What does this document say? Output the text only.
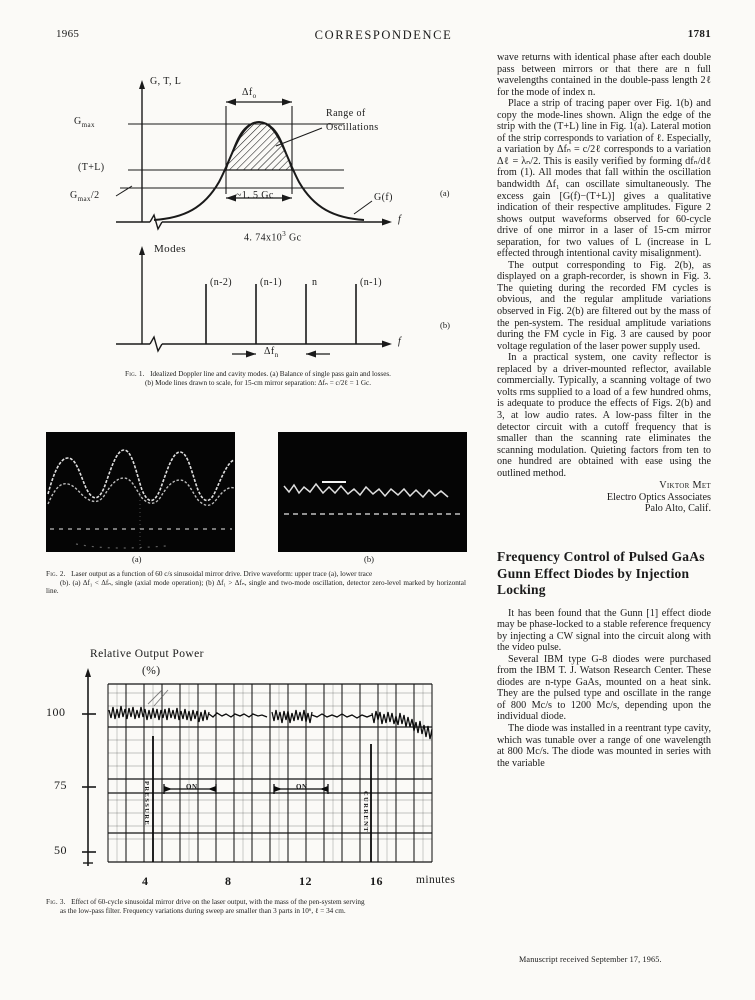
1965	CORRESPONDENCE	1781
G, T, L
$G_{max}$
(T+L)
$G_{max}/2$
$\Delta f_o$
Range of
Oscillations
~1. 5 Gc	G(f)
4. $74x10^3$ Gc
f
(a)
Modes
(n-2)	(n-1)	n	(n-1)
$\Delta f_n$
f
(b)
Fig. 1. Idealized Doppler line and cavity modes. (a) Balance of single pass gain and losses.
(b) Mode lines drawn to scale, for 15-cm mirror separation: Δfₙ = c/2ℓ = 1 Gc.
(a)	(b)
Fig. 2. Laser output as a function of 60 c/s sinusoidal mirror drive. Drive waveform: upper trace (a), lower trace
(b). (a) Δf₁ < Δfₙ, single (axial mode operation); (b) Δf₁ > Δfₙ, single and two-mode oscillation, detector zero-level marked by horizontal line.
Relative Output Power
(%)
100
75
50
4	8	12	16	minutes
PRESSURE	CURRENT
ON	ON
Fig. 3. Effect of 60-cycle sinusoidal mirror drive on the laser output, with the mass of the pen-system serving
as the low-pass filter. Frequency variations during sweep are smaller than 3 parts in 10⁶, ℓ = 34 cm.

wave returns with identical phase after each double pass between mirrors or that there are n full wavelengths contained in the double-pass length 2ℓ for the mode of index n.

Place a strip of tracing paper over Fig. 1(b) and copy the mode-lines shown. Align the edge of the strip with the (T+L) line in Fig. 1(a). Lateral motion of the strip corresponds to variation of ℓ. Especially, a variation by Δfₙ = c/2ℓ corresponds to a variation Δℓ = λₙ/2. This is easily verified by forming dfₙ/dℓ from (1). All modes that fall within the oscillation bandwidth Δf₁ can oscillate simultaneously. The excess gain [G(f)−(T+L)] gives a qualitative indication of their respective amplitudes. Figure 2 shows output waveforms observed for 60-cycle drive of one mirror in a laser of 15-cm mirror separation, for two values of L (increase in L effected through intentional cavity misalignment).

The output corresponding to Fig. 2(b), as displayed on a graph-recorder, is shown in Fig. 3. The quieting during the recorded FM cycles is obvious, and the regular amplitude variations observed in Fig. 2(b) are filtered out by the mass of the pen-system. The residual amplitude variations during the FM cycle in Fig. 3 are caused by poor voltage regulation of the laser power supply used.

In a practical system, one cavity reflector is replaced by a driver-mounted reflector, available commercially. Typically, a scanning voltage of two volts rms supplied to a load of a few hundred ohms, is adequate to produce the effects of Figs. 2(b) and 3, at low audio rates. A low-pass filter in the detector circuit with a cutoff frequency that is smaller than the scanning rate eliminates the scanning modulation. Quieting factors from ten to one hundred are obtained with ease using the outlined method.

Viktor Met
Electro Optics Associates
Palo Alto, Calif.
Frequency Control of Pulsed GaAs Gunn Effect Diodes by Injection Locking

It has been found that the Gunn [1] effect diode may be phase-locked to a stable reference frequency by injecting a CW signal into the circuit along with the video pulse.

Several IBM type G-8 diodes were purchased from the IBM T. J. Watson Research Center. These diodes are n-type GaAs, mounted on a heat sink. They are the pulsed type and oscillate in the range of 800 Mc/s to 1200 Mc/s, depending upon the individual diode.

The diode was installed in a reentrant type cavity, which was tunable over a range of one wavelength at 800 Mc/s. The diode was mounted in series with the variable

Manuscript received September 17, 1965.
